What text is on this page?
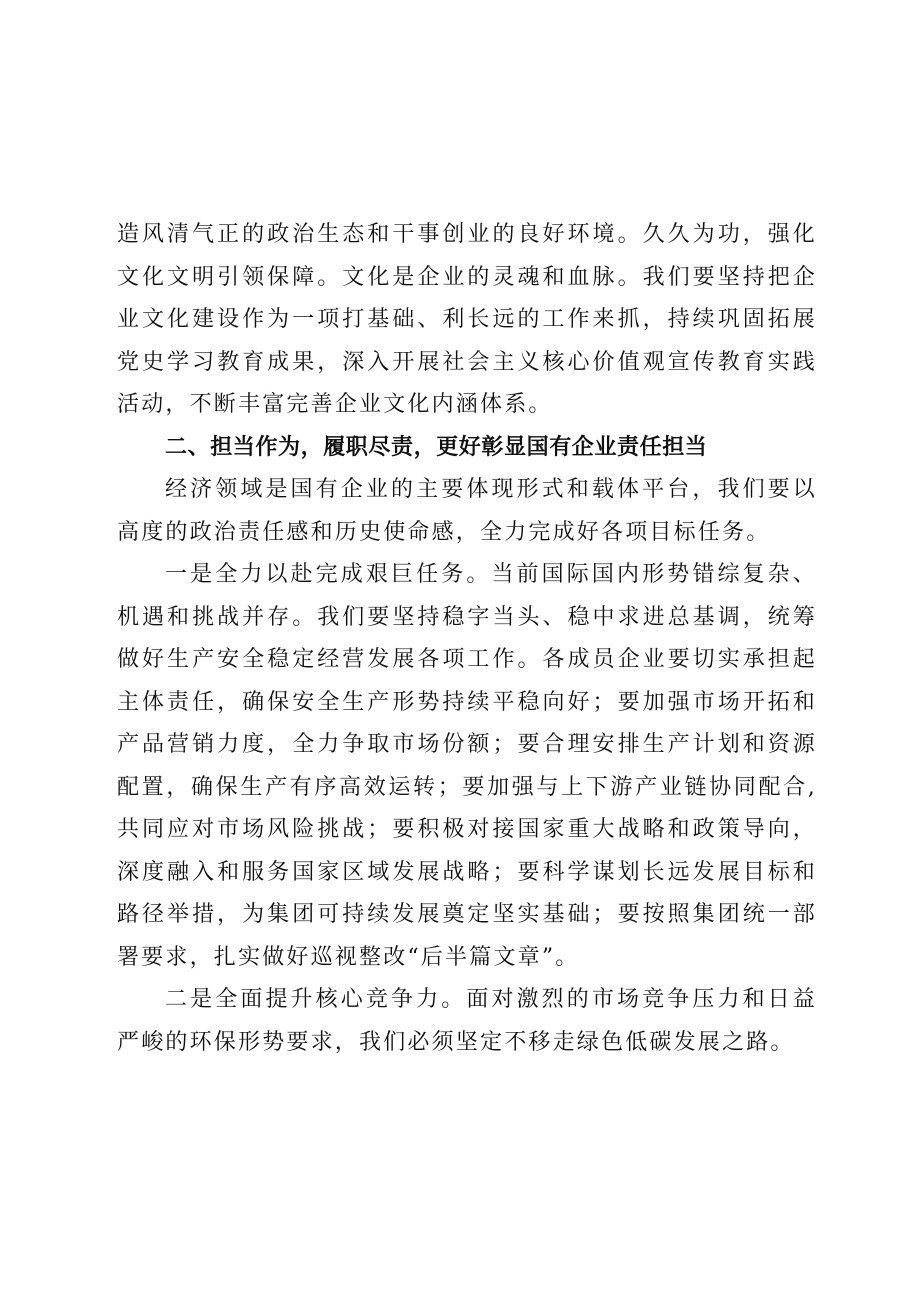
造风清气正的政治生态和干事创业的良好环境。久久为功，强化文化文明引领保障。文化是企业的灵魂和血脉。我们要坚持把企业文化建设作为一项打基础、利长远的工作来抓，持续巩固拓展党史学习教育成果，深入开展社会主义核心价值观宣传教育实践活动，不断丰富完善企业文化内涵体系。

二、担当作为，履职尽责，更好彰显国有企业责任担当

经济领域是国有企业的主要体现形式和载体平台，我们要以高度的政治责任感和历史使命感，全力完成好各项目标任务。

一是全力以赴完成艰巨任务。当前国际国内形势错综复杂、机遇和挑战并存。我们要坚持稳字当头、稳中求进总基调，统筹做好生产安全稳定经营发展各项工作。各成员企业要切实承担起主体责任，确保安全生产形势持续平稳向好；要加强市场开拓和产品营销力度，全力争取市场份额；要合理安排生产计划和资源配置，确保生产有序高效运转；要加强与上下游产业链协同配合,共同应对市场风险挑战；要积极对接国家重大战略和政策导向，深度融入和服务国家区域发展战略；要科学谋划长远发展目标和路径举措，为集团可持续发展奠定坚实基础；要按照集团统一部署要求，扎实做好巡视整改“后半篇文章”。

二是全面提升核心竞争力。面对激烈的市场竞争压力和日益严峻的环保形势要求，我们必须坚定不移走绿色低碳发展之路。
